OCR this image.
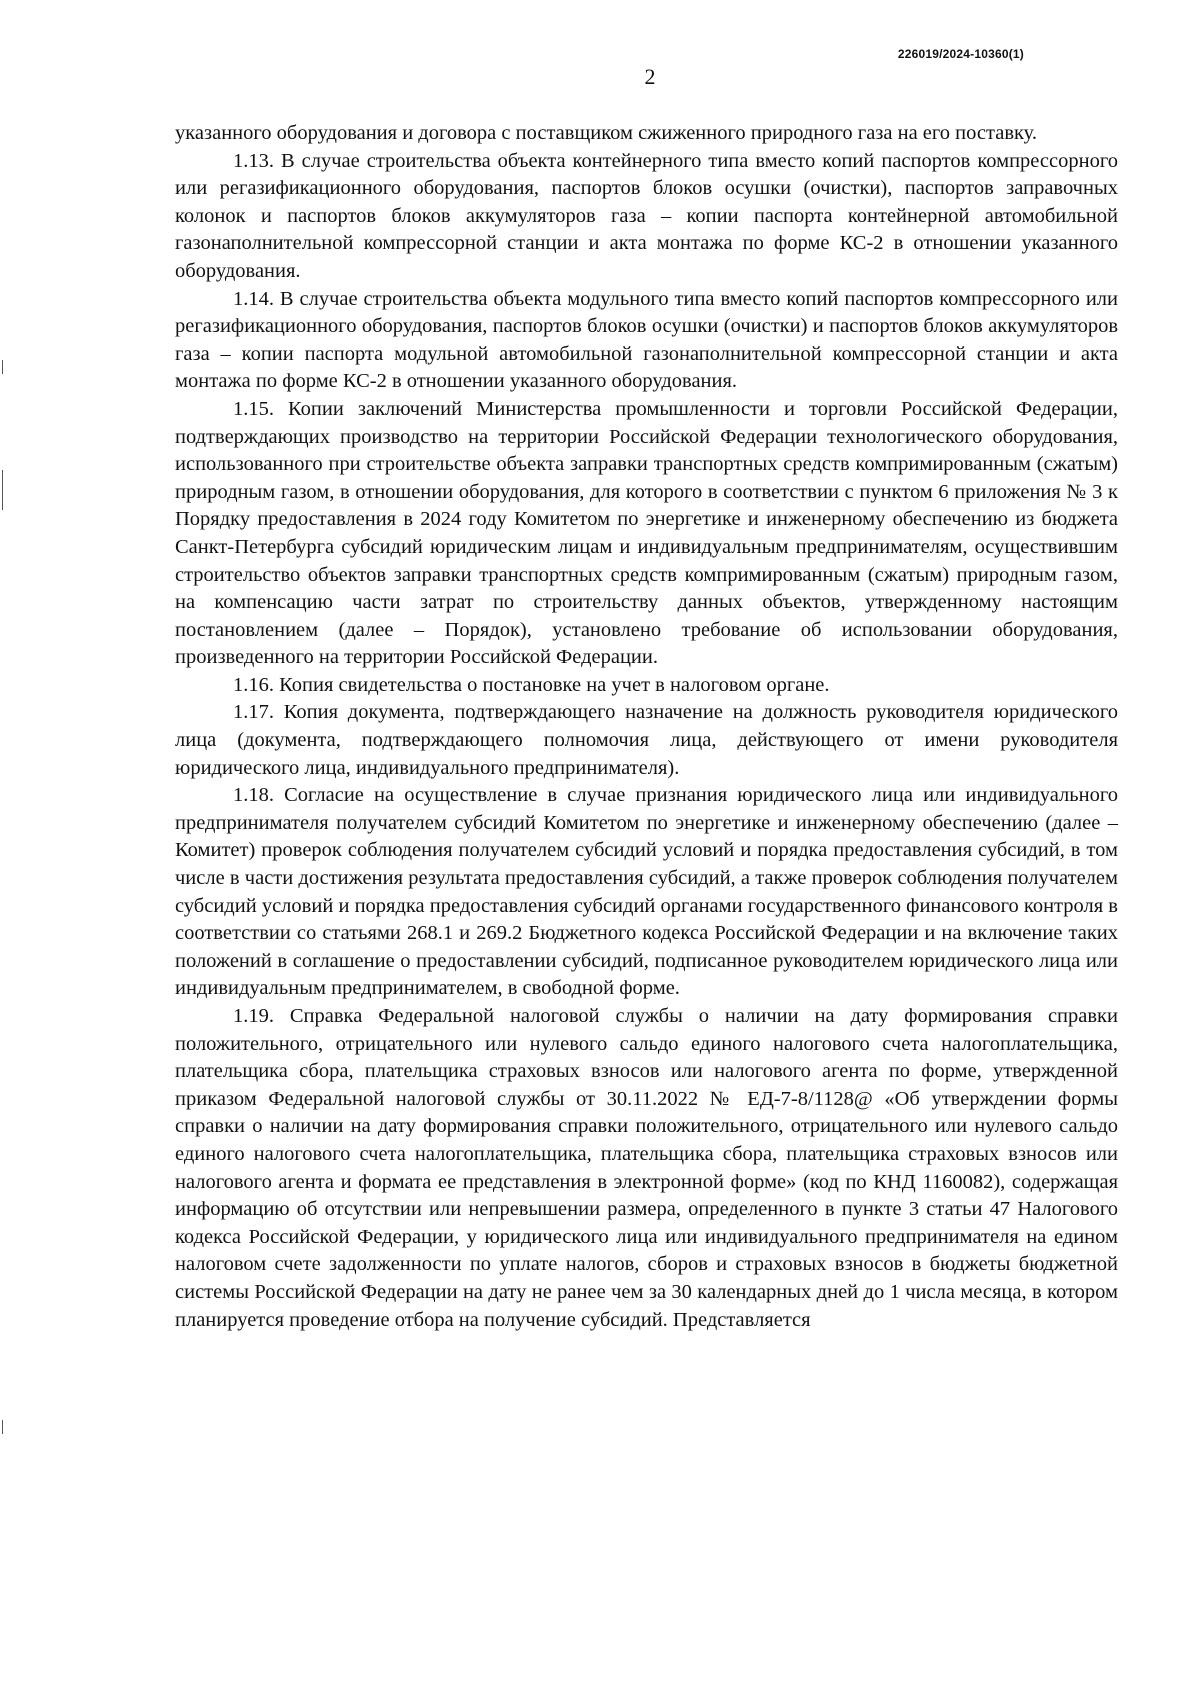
226019/2024-10360(1)
2

указанного оборудования и договора с поставщиком сжиженного природного газа на его поставку.

1.13. В случае строительства объекта контейнерного типа вместо копий паспортов компрессорного или регазификационного оборудования, паспортов блоков осушки (очистки), паспортов заправочных колонок и паспортов блоков аккумуляторов газа – копии паспорта контейнерной автомобильной газонаполнительной компрессорной станции и акта монтажа по форме КС-2 в отношении указанного оборудования.

1.14. В случае строительства объекта модульного типа вместо копий паспортов компрессорного или регазификационного оборудования, паспортов блоков осушки (очистки) и паспортов блоков аккумуляторов газа – копии паспорта модульной автомобильной газонаполнительной компрессорной станции и акта монтажа по форме КС-2 в отношении указанного оборудования.

1.15. Копии заключений Министерства промышленности и торговли Российской Федерации, подтверждающих производство на территории Российской Федерации технологического оборудования, использованного при строительстве объекта заправки транспортных средств компримированным (сжатым) природным газом, в отношении оборудования, для которого в соответствии с пунктом 6 приложения № 3 к Порядку предоставления в 2024 году Комитетом по энергетике и инженерному обеспечению из бюджета Санкт-Петербурга субсидий юридическим лицам и индивидуальным предпринимателям, осуществившим строительство объектов заправки транспортных средств компримированным (сжатым) природным газом, на компенсацию части затрат по строительству данных объектов, утвержденному настоящим постановлением (далее – Порядок), установлено требование об использовании оборудования, произведенного на территории Российской Федерации.

1.16. Копия свидетельства о постановке на учет в налоговом органе.

1.17. Копия документа, подтверждающего назначение на должность руководителя юридического лица (документа, подтверждающего полномочия лица, действующего от имени руководителя юридического лица, индивидуального предпринимателя).

1.18. Согласие на осуществление в случае признания юридического лица или индивидуального предпринимателя получателем субсидий Комитетом по энергетике и инженерному обеспечению (далее – Комитет) проверок соблюдения получателем субсидий условий и порядка предоставления субсидий, в том числе в части достижения результата предоставления субсидий, а также проверок соблюдения получателем субсидий условий и порядка предоставления субсидий органами государственного финансового контроля в соответствии со статьями 268.1 и 269.2 Бюджетного кодекса Российской Федерации и на включение таких положений в соглашение о предоставлении субсидий, подписанное руководителем юридического лица или индивидуальным предпринимателем, в свободной форме.

1.19. Справка Федеральной налоговой службы о наличии на дату формирования справки положительного, отрицательного или нулевого сальдо единого налогового счета налогоплательщика, плательщика сбора, плательщика страховых взносов или налогового агента по форме, утвержденной приказом Федеральной налоговой службы от 30.11.2022 № ЕД-7-8/1128@ «Об утверждении формы справки о наличии на дату формирования справки положительного, отрицательного или нулевого сальдо единого налогового счета налогоплательщика, плательщика сбора, плательщика страховых взносов или налогового агента и формата ее представления в электронной форме» (код по КНД 1160082), содержащая информацию об отсутствии или непревышении размера, определенного в пункте 3 статьи 47 Налогового кодекса Российской Федерации, у юридического лица или индивидуального предпринимателя на едином налоговом счете задолженности по уплате налогов, сборов и страховых взносов в бюджеты бюджетной системы Российской Федерации на дату не ранее чем за 30 календарных дней до 1 числа месяца, в котором планируется проведение отбора на получение субсидий. Представляется
